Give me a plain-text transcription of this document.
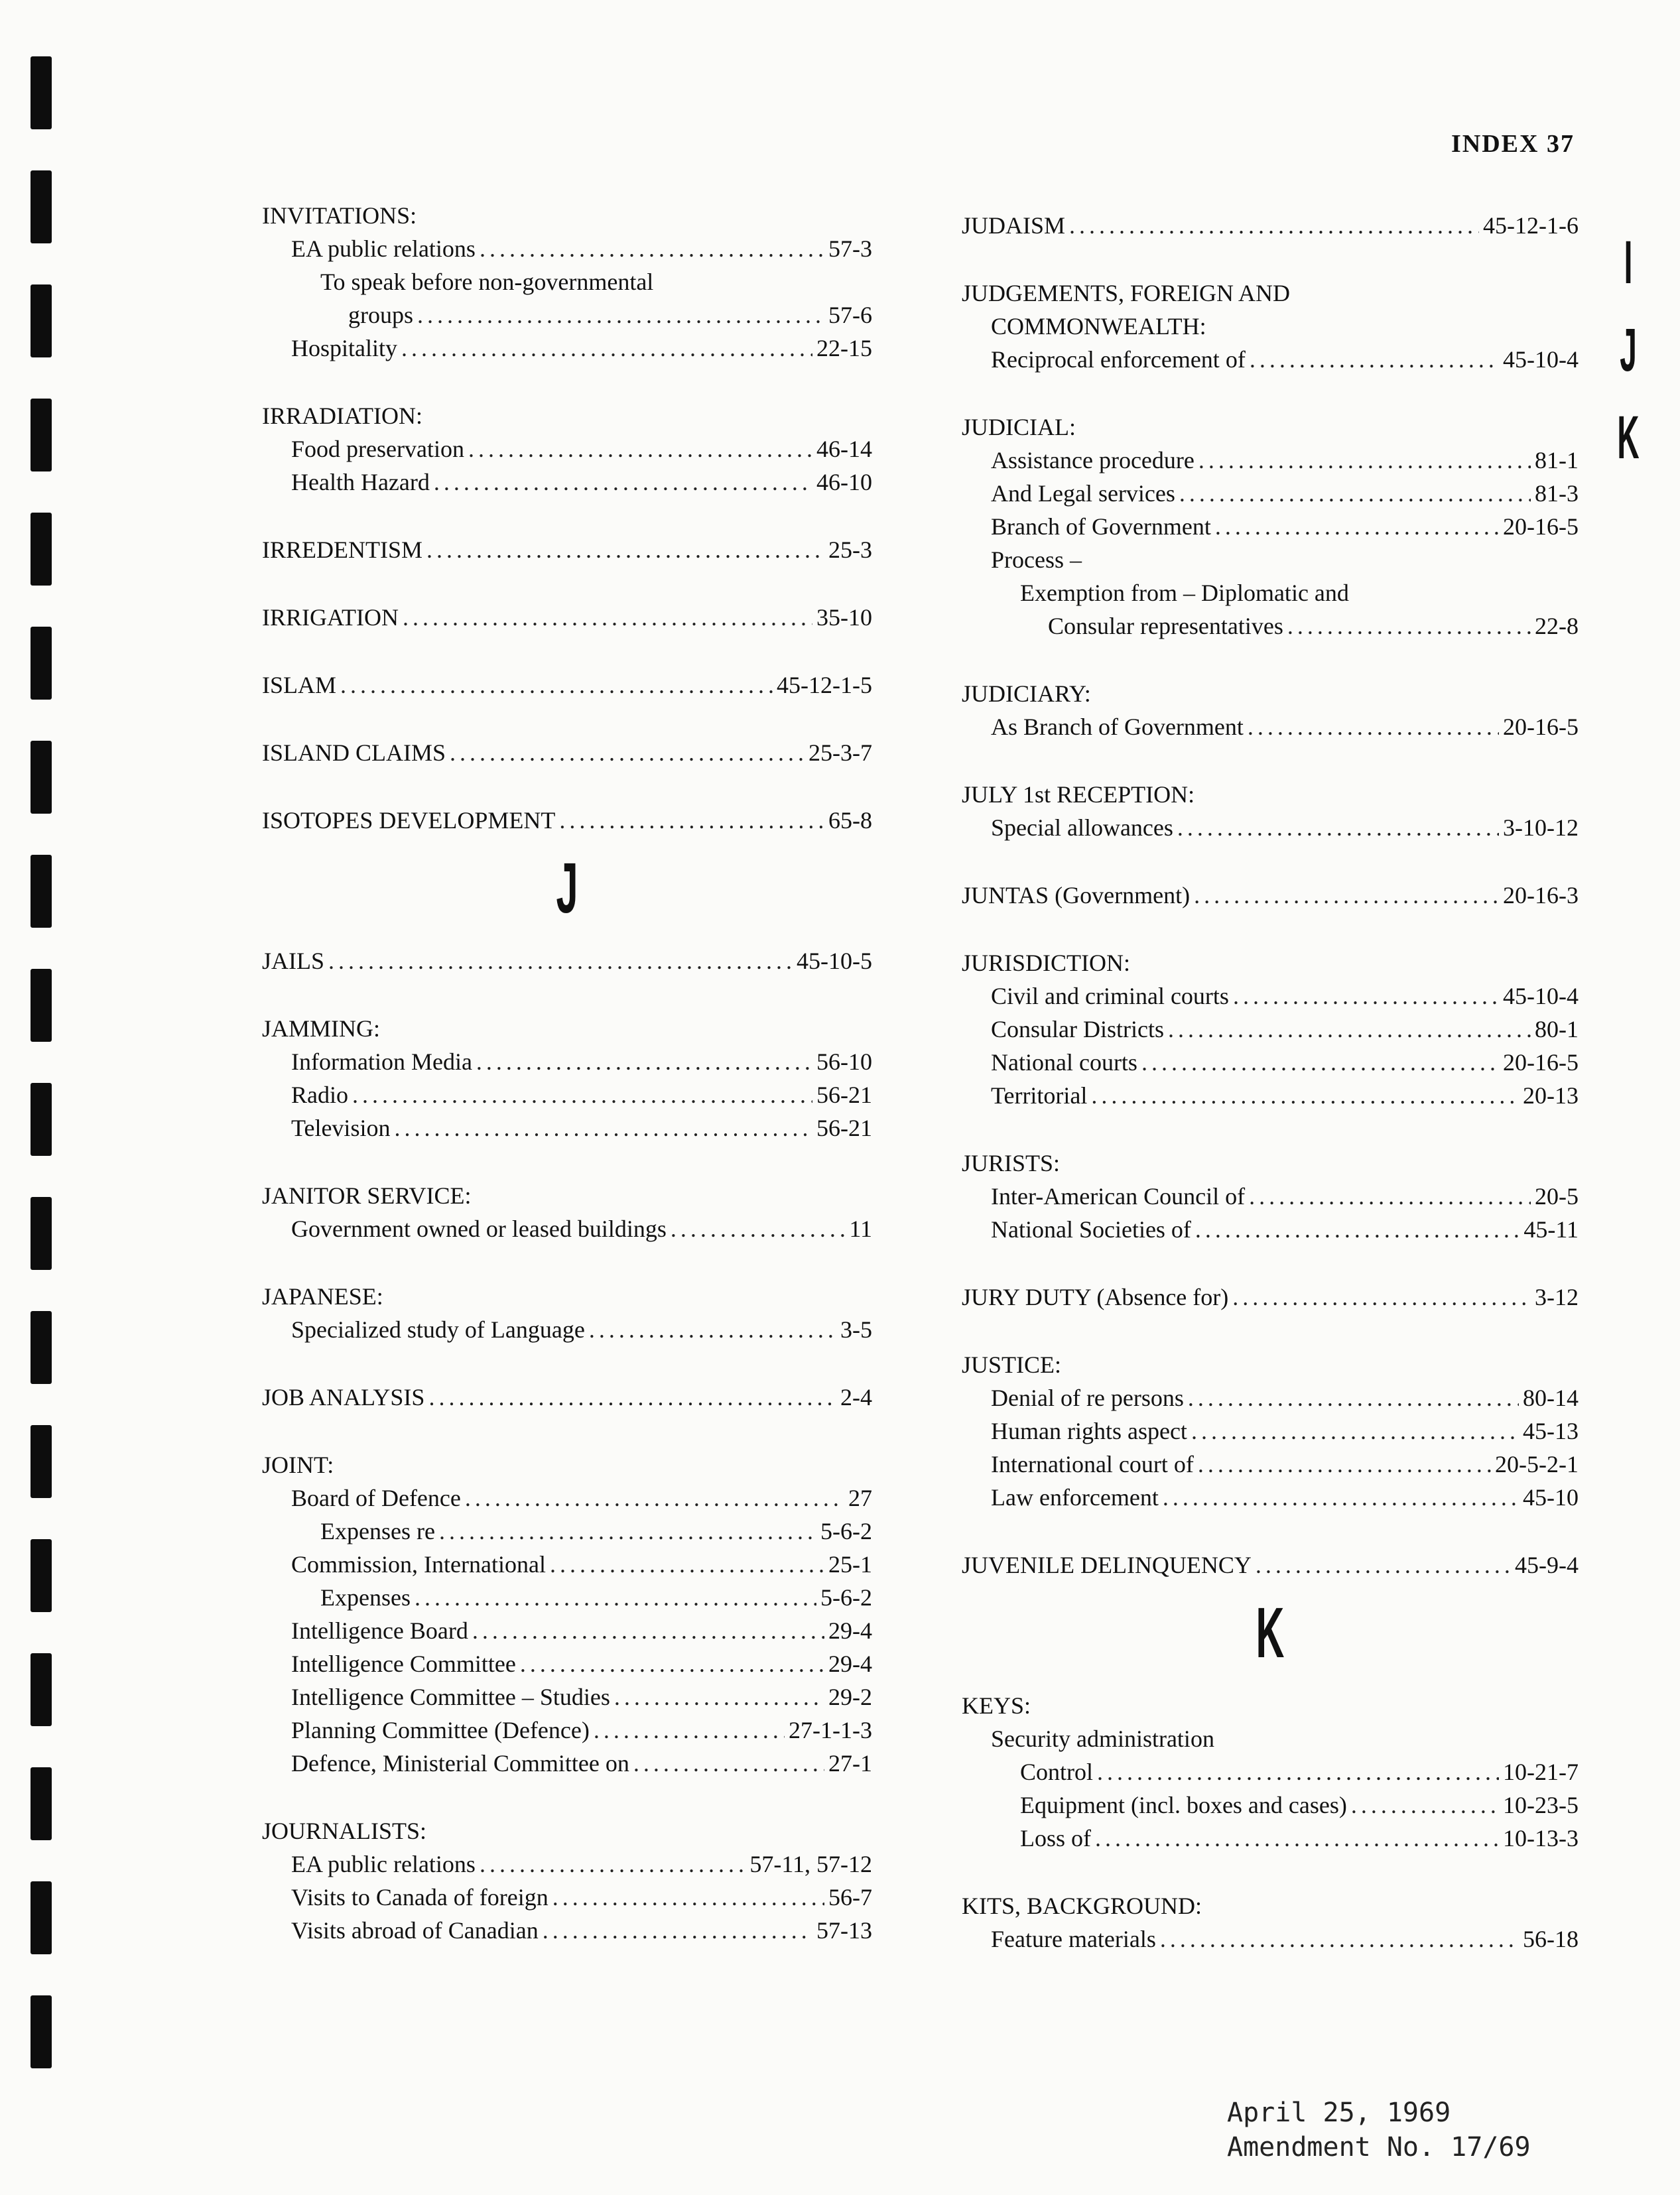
INDEX 37
I
J
K
INVITATIONS:
EA public relations .....	57-3
To speak before non-governmental
groups .....	57-6
Hospitality .....	22-15
IRRADIATION:
Food preservation .....	46-14
Health Hazard .....	46-10
IRREDENTISM .....	25-3
IRRIGATION .....	35-10
ISLAM .....	45-12-1-5
ISLAND CLAIMS .....	25-3-7
ISOTOPES DEVELOPMENT .....	65-8
J
JAILS .....	45-10-5
JAMMING:
Information Media .....	56-10
Radio .....	56-21
Television .....	56-21
JANITOR SERVICE:
Government owned or leased buildings .....	11
JAPANESE:
Specialized study of Language .....	3-5
JOB ANALYSIS .....	2-4
JOINT:
Board of Defence .....	27
Expenses re .....	5-6-2
Commission, International .....	25-1
Expenses .....	5-6-2
Intelligence Board .....	29-4
Intelligence Committee .....	29-4
Intelligence Committee – Studies .....	29-2
Planning Committee (Defence) .....	27-1-1-3
Defence, Ministerial Committee on .....	27-1
JOURNALISTS:
EA public relations .....	57-11, 57-12
Visits to Canada of foreign .....	56-7
Visits abroad of Canadian .....	57-13
JUDAISM .....	45-12-1-6
JUDGEMENTS, FOREIGN AND
COMMONWEALTH:
Reciprocal enforcement of .....	45-10-4
JUDICIAL:
Assistance procedure .....	81-1
And Legal services .....	81-3
Branch of Government .....	20-16-5
Process –
Exemption from – Diplomatic and
Consular representatives .....	22-8
JUDICIARY:
As Branch of Government .....	20-16-5
JULY 1st RECEPTION:
Special allowances .....	3-10-12
JUNTAS (Government) .....	20-16-3
JURISDICTION:
Civil and criminal courts .....	45-10-4
Consular Districts .....	80-1
National courts .....	20-16-5
Territorial .....	20-13
JURISTS:
Inter-American Council of .....	20-5
National Societies of .....	45-11
JURY DUTY (Absence for) .....	3-12
JUSTICE:
Denial of re persons .....	80-14
Human rights aspect .....	45-13
International court of .....	20-5-2-1
Law enforcement .....	45-10
JUVENILE DELINQUENCY .....	45-9-4
K
KEYS:
Security administration
Control .....	10-21-7
Equipment (incl. boxes and cases) .....	10-23-5
Loss of .....	10-13-3
KITS, BACKGROUND:
Feature materials .....	56-18
April 25, 1969
Amendment No. 17/69
